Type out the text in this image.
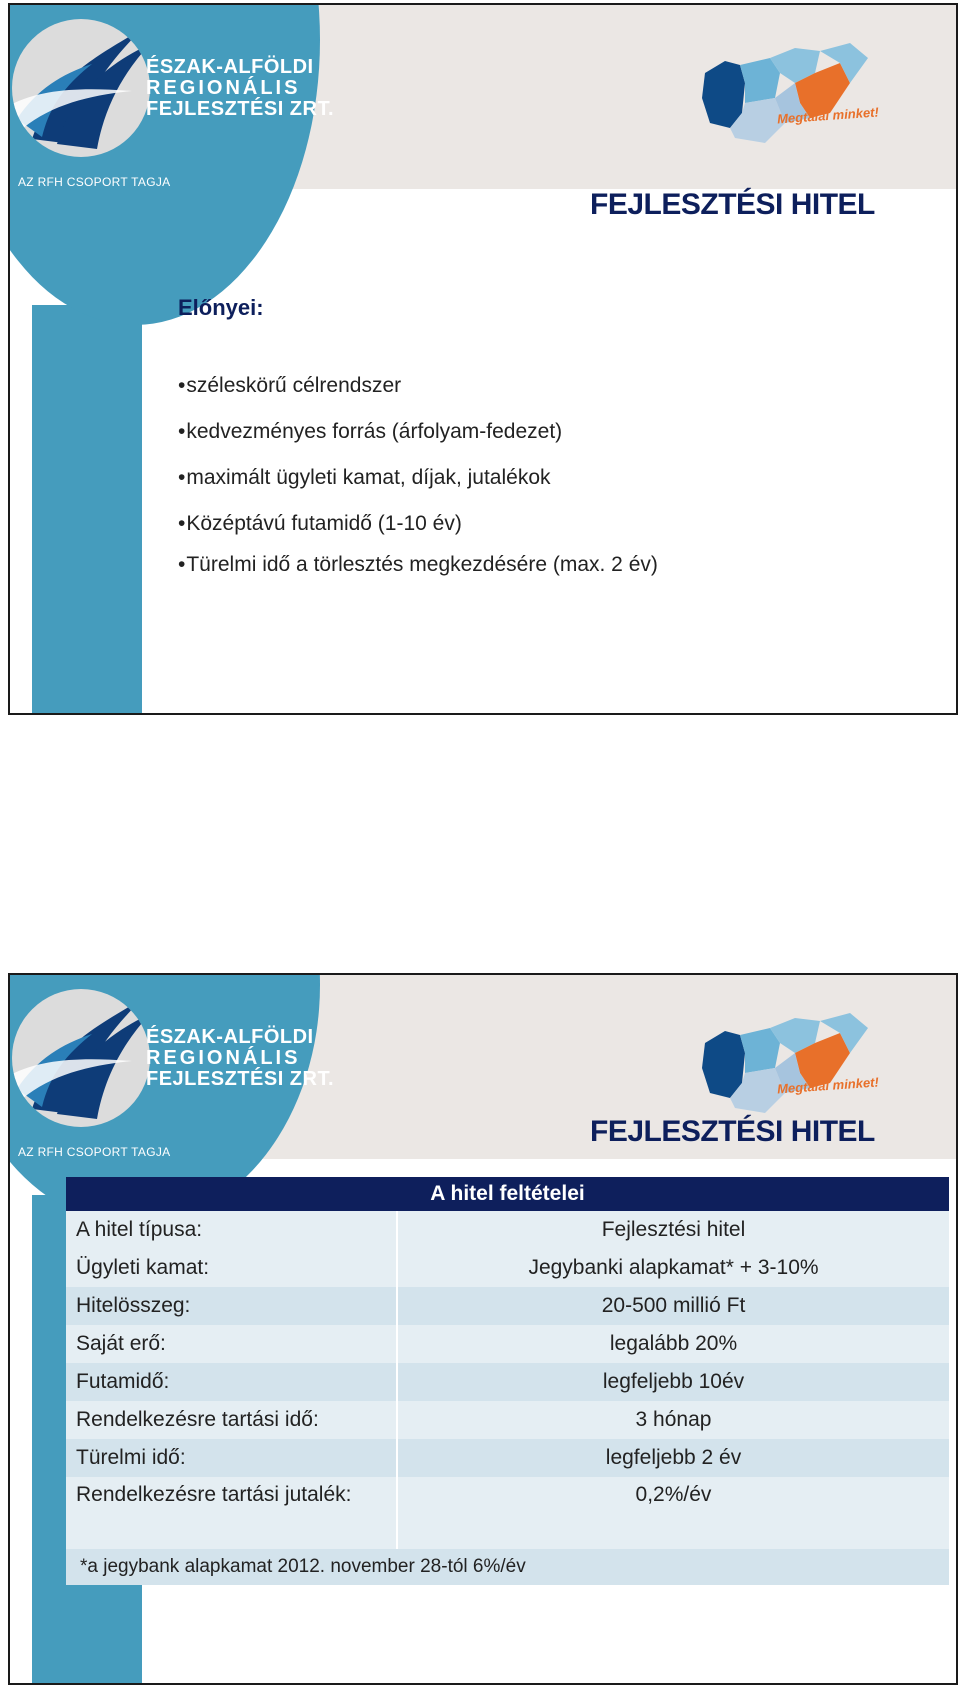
ÉSZAK-ALFÖLDI
REGIONÁLIS
FEJLESZTÉSI ZRT.
AZ RFH CSOPORT TAGJA
Megtalál minket!
FEJLESZTÉSI HITEL
Előnyei:
• széleskörű célrendszer
• kedvezményes forrás (árfolyam-fedezet)
• maximált ügyleti kamat, díjak, jutalékok
• Középtávú futamidő (1-10 év)
• Türelmi idő a törlesztés megkezdésére (max. 2 év)
ÉSZAK-ALFÖLDI
REGIONÁLIS
FEJLESZTÉSI ZRT.
AZ RFH CSOPORT TAGJA
Megtalál minket!
FEJLESZTÉSI HITEL
A hitel feltételei	
A hitel típusa:	Fejlesztési hitel
Ügyleti kamat:	Jegybanki alapkamat* + 3-10%
Hitelösszeg:	20-500 millió Ft
Saját erő:	legalább 20%
Futamidő:	legfeljebb 10év
Rendelkezésre tartási idő:	3 hónap
Türelmi idő:	legfeljebb 2 év
Rendelkezésre tartási jutalék:	0,2%/év
*a jegybank alapkamat 2012. november 28-tól 6%/év	
